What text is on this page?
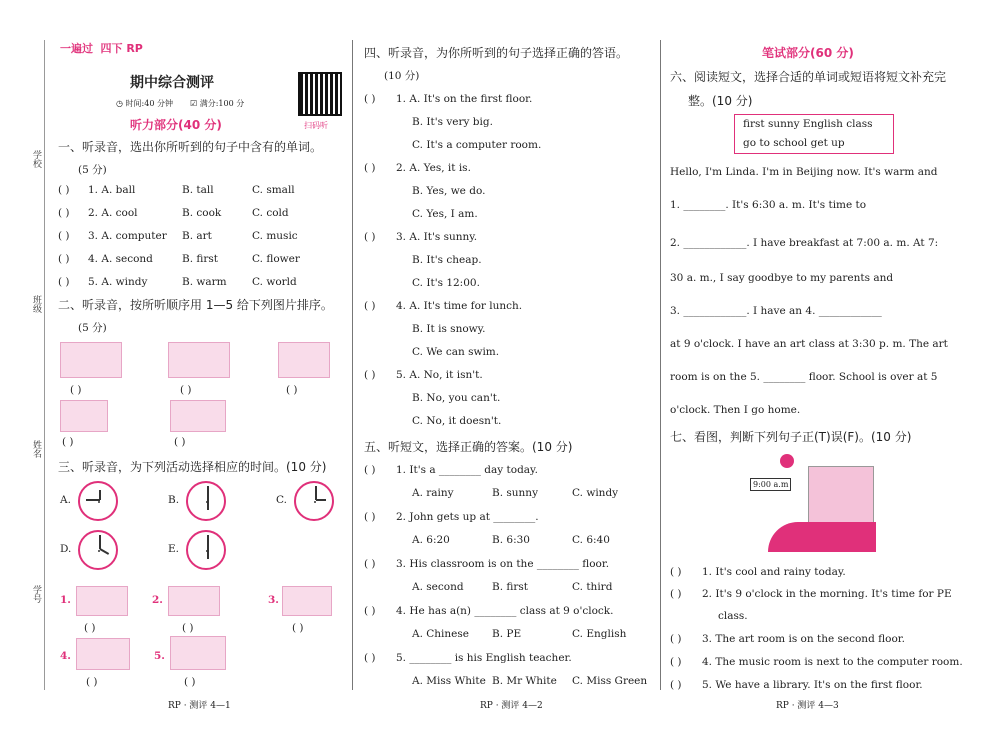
学校
班级
姓名
学号
一遍过 四下 RP
期中综合测评
◷ 时间:40 分钟 ☑ 满分:100 分
扫码听
听力部分(40 分)
一、听录音，选出你所听到的句子中含有的单词。
(5 分)
( ) 1. A. ball	B. tall	C. small
( ) 2. A. cool	B. cook	C. cold
( ) 3. A. computer B. art	C. music
( ) 4. A. second	B. first	C. flower
( ) 5. A. windy	B. warm C. world
二、听录音，按所听顺序用 1—5 给下列图片排序。
(5 分)
( )	( )	( )
( )	( )
三、听录音，为下列活动选择相应的时间。(10 分)
A.	B.	C.
D.	E.
1.	2.	3.
( )	( )	( )
4.	5.
( )	( )
RP · 测评 4—1
四、听录音，为你所听到的句子选择正确的答语。
(10 分)
( ) 1. A. It's on the first floor.
B. It's very big.
C. It's a computer room.
( ) 2. A. Yes, it is.
B. Yes, we do.
C. Yes, I am.
( ) 3. A. It's sunny.
B. It's cheap.
C. It's 12:00.
( ) 4. A. It's time for lunch.
B. It is snowy.
C. We can swim.
( ) 5. A. No, it isn't.
B. No, you can't.
C. No, it doesn't.
五、听短文，选择正确的答案。(10 分)
( ) 1. It's a ________ day today.
A. rainy	B. sunny	C. windy
( ) 2. John gets up at ________.
A. 6:20	B. 6:30	C. 6:40
( ) 3. His classroom is on the ________ floor.
A. second	B. first	C. third
( ) 4. He has a(n) ________ class at 9 o'clock.
A. Chinese B. PE	C. English
( ) 5. ________ is his English teacher.
A. Miss White B. Mr White C. Miss Green
RP · 测评 4—2
笔试部分(60 分)
六、阅读短文，选择合适的单词或短语将短文补充完
整。(10 分)
first sunny English class
go to school get up
Hello, I'm Linda. I'm in Beijing now. It's warm and
1. ________. It's 6:30 a. m. It's time to
2. ____________. I have breakfast at 7:00 a. m. At 7:
30 a. m., I say goodbye to my parents and
3. ____________. I have an 4. ____________
at 9 o'clock. I have an art class at 3:30 p. m. The art
room is on the 5. ________ floor. School is over at 5
o'clock. Then I go home.
七、看图，判断下列句子正(T)误(F)。(10 分)
9:00 a.m
( ) 1. It's cool and rainy today.
( ) 2. It's 9 o'clock in the morning. It's time for PE
class.
( ) 3. The art room is on the second floor.
( ) 4. The music room is next to the computer room.
( ) 5. We have a library. It's on the first floor.
RP · 测评 4—3
